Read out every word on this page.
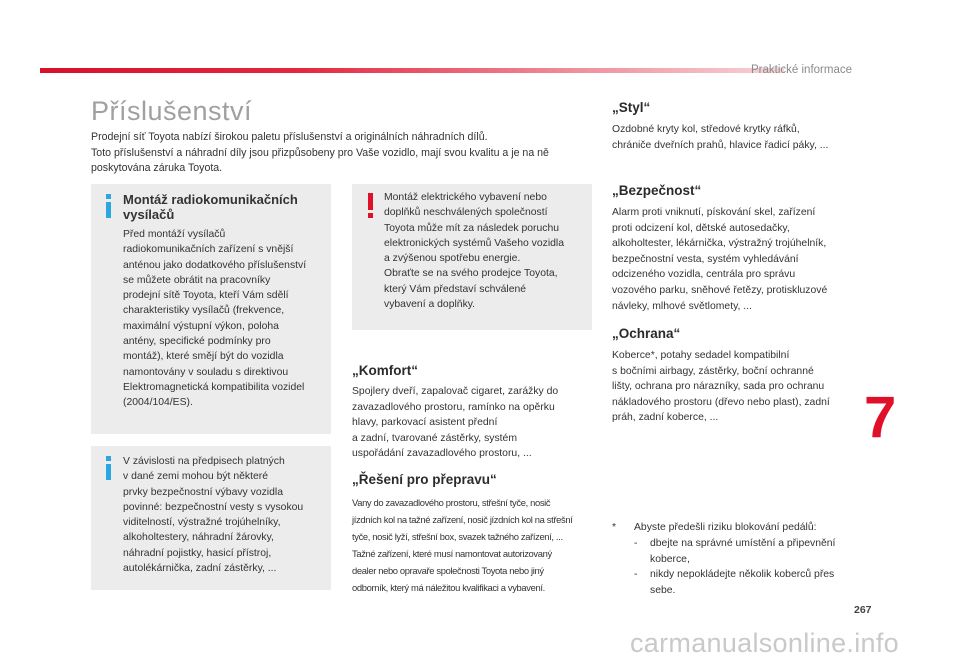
Praktické informace
Příslušenství
Prodejní síť Toyota nabízí širokou paletu příslušenství a originálních náhradních dílů.
Toto příslušenství a náhradní díly jsou přizpůsobeny pro Vaše vozidlo, mají svou kvalitu a je na ně
poskytována záruka Toyota.
Montáž radiokomunikačních
vysílačů
Před montáží vysílačů
radiokomunikačních zařízení s vnější
anténou jako dodatkového příslušenství
se můžete obrátit na pracovníky
prodejní sítě Toyota, kteří Vám sdělí
charakteristiky vysílačů (frekvence,
maximální výstupní výkon, poloha
antény, specifické podmínky pro
montáž), které smějí být do vozidla
namontovány v souladu s direktivou
Elektromagnetická kompatibilita vozidel
(2004/104/ES).
V závislosti na předpisech platných
v dané zemi mohou být některé
prvky bezpečnostní výbavy vozidla
povinné: bezpečnostní vesty s vysokou
viditelností, výstražné trojúhelníky,
alkoholtestery, náhradní žárovky,
náhradní pojistky, hasicí přístroj,
autolékárnička, zadní zástěrky, ...
Montáž elektrického vybavení nebo
doplňků neschválených společností
Toyota může mít za následek poruchu
elektronických systémů Vašeho vozidla
a zvýšenou spotřebu energie.
Obraťte se na svého prodejce Toyota,
který Vám představí schválené
vybavení a doplňky.
„Komfort“
Spojlery dveří, zapalovač cigaret, zarážky do
zavazadlového prostoru, ramínko na opěrku
hlavy, parkovací asistent přední
a zadní, tvarované zástěrky, systém
uspořádání zavazadlového prostoru, ...
„Řešení pro přepravu“
Vany do zavazadlového prostoru, střešní tyče, nosič
jízdních kol na tažné zařízení, nosič jízdních kol na střešní
tyče, nosič lyží, střešní box, svazek tažného zařízení, ...
Tažné zařízení, které musí namontovat autorizovaný
dealer nebo opravaře společnosti Toyota nebo jiný
odborník, který má náležitou kvalifikaci a vybavení.
„Styl“
Ozdobné kryty kol, středové krytky ráfků,
chrániče dveřních prahů, hlavice řadicí páky, ...
„Bezpečnost“
Alarm proti vniknutí, pískování skel, zařízení
proti odcizení kol, dětské autosedačky,
alkoholtester, lékárnička, výstražný trojúhelník,
bezpečnostní vesta, systém vyhledávání
odcizeného vozidla, centrála pro správu
vozového parku, sněhové řetězy, protiskluzové
návleky, mlhové světlomety, ...
„Ochrana“
Koberce*, potahy sedadel kompatibilní
s bočními airbagy, zástěrky, boční ochranné
lišty, ochrana pro nárazníky, sada pro ochranu
nákladového prostoru (dřevo nebo plast), zadní
práh, zadní koberce, ...
* Abyste předešli riziku blokování pedálů:
- dbejte na správné umístění a připevnění
koberce,
- nikdy nepokládejte několik koberců přes
sebe.
7
267
carmanualsonline.info
